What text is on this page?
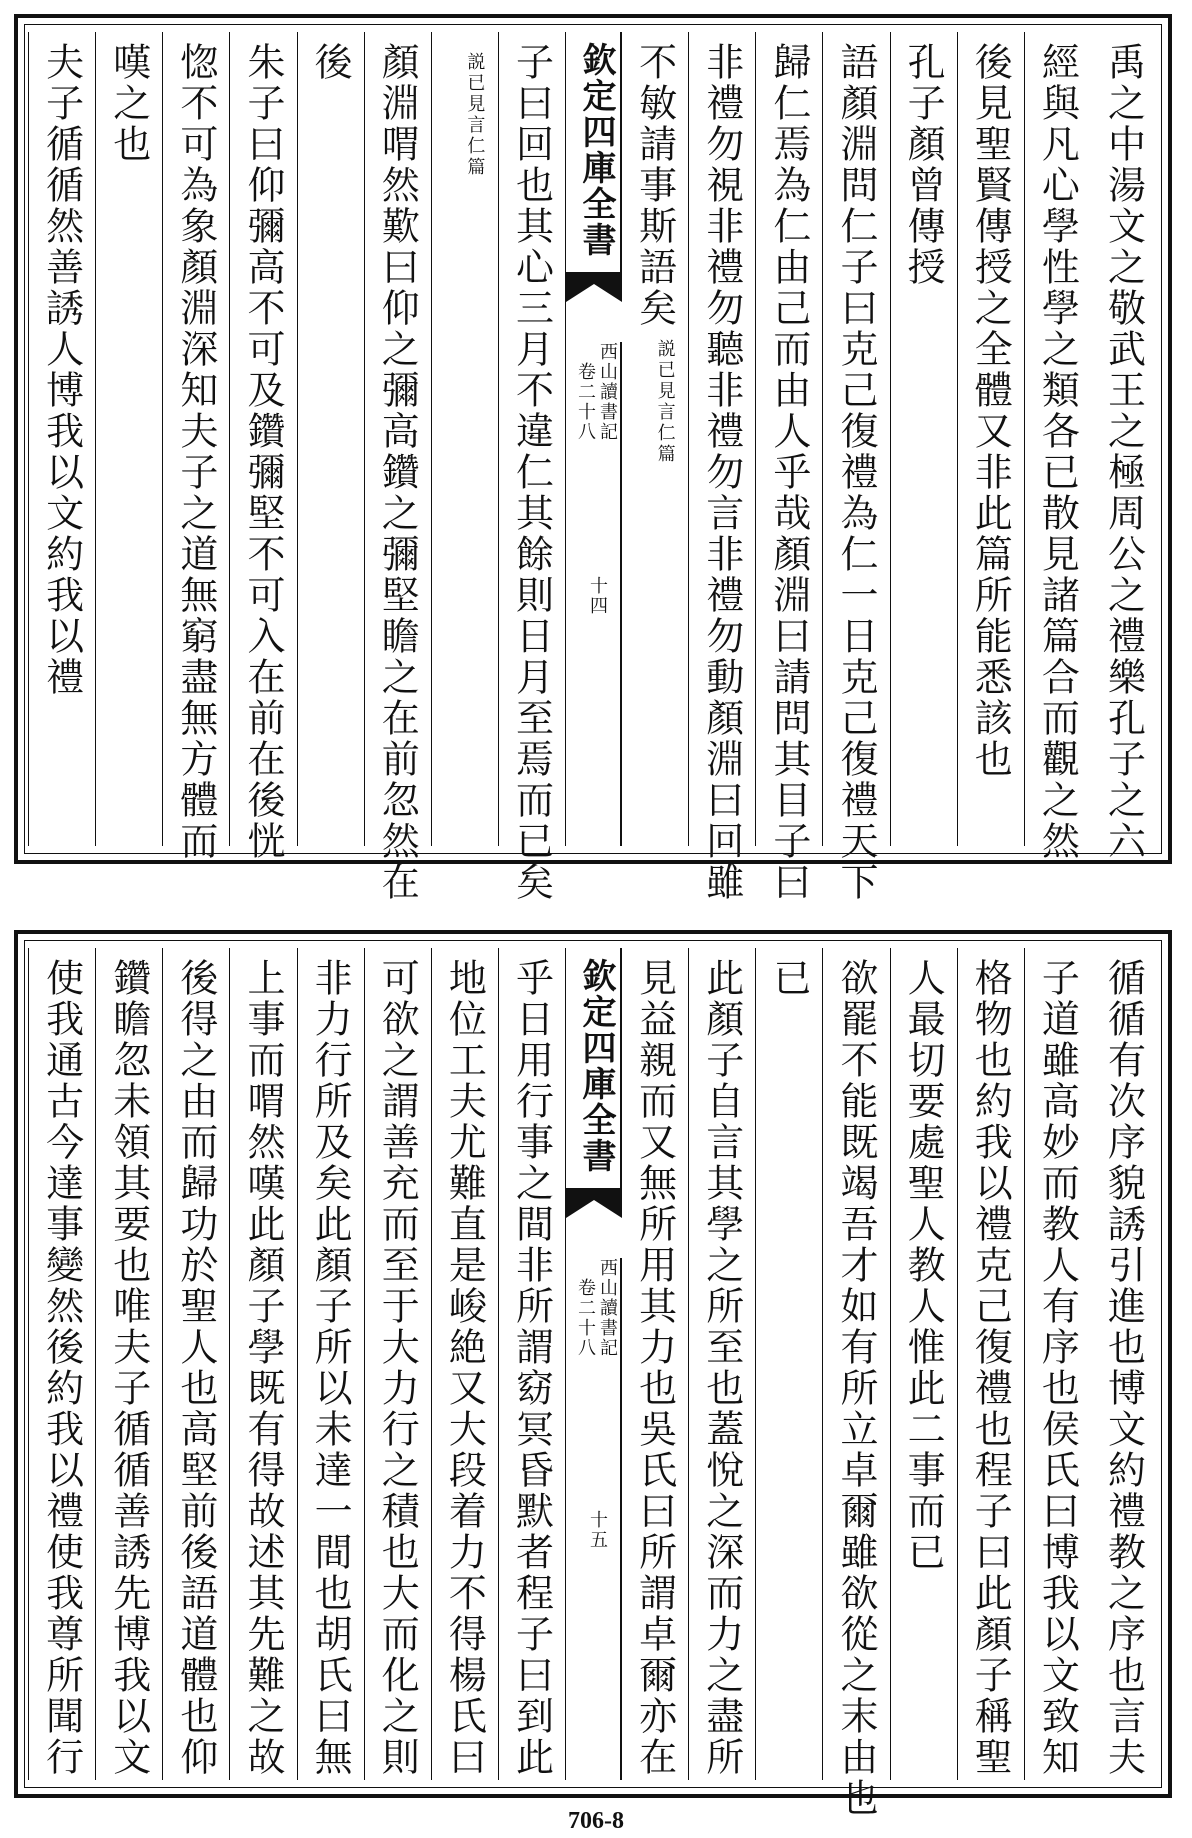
禹之中湯文之敬武王之極周公之禮樂孔子之六
經與凡心學性學之類各已散見諸篇合而觀之然
後見聖賢傳授之全體又非此篇所能悉該也
孔子顏曾傳授
語顏淵問仁子曰克己復禮為仁一日克己復禮天下
歸仁焉為仁由己而由人乎哉顏淵曰請問其目子曰
非禮勿視非禮勿聽非禮勿言非禮勿動顏淵曰回雖
不敏請事斯語矣
説已見言仁篇
欽定四庫全書
西山讀書記
卷二十八
十四
子曰回也其心三月不違仁其餘則日月至焉而已矣
説已見言仁篇
顏淵喟然歎曰仰之彌高鑽之彌堅瞻之在前忽然在
後
朱子曰仰彌高不可及鑽彌堅不可入在前在後恍
惚不可為象顏淵深知夫子之道無窮盡無方體而
嘆之也
夫子循循然善誘人博我以文約我以禮
循循有次序貌誘引進也博文約禮教之序也言夫
子道雖高妙而教人有序也侯氏曰博我以文致知
格物也約我以禮克己復禮也程子曰此顏子稱聖
人最切要處聖人教人惟此二事而已
欲罷不能既竭吾才如有所立卓爾雖欲從之末由也
已
此顏子自言其學之所至也蓋悅之深而力之盡所
見益親而又無所用其力也吳氏曰所謂卓爾亦在
欽定四庫全書
西山讀書記
卷二十八
十五
乎日用行事之間非所謂窈冥昏默者程子曰到此
地位工夫尤難直是峻絶又大段着力不得楊氏曰
可欲之謂善充而至于大力行之積也大而化之則
非力行所及矣此顏子所以未達一間也胡氏曰無
上事而喟然嘆此顏子學既有得故述其先難之故
後得之由而歸功於聖人也高堅前後語道體也仰
鑽瞻忽未領其要也唯夫子循循善誘先博我以文
使我通古今達事變然後約我以禮使我尊所聞行
706-8
